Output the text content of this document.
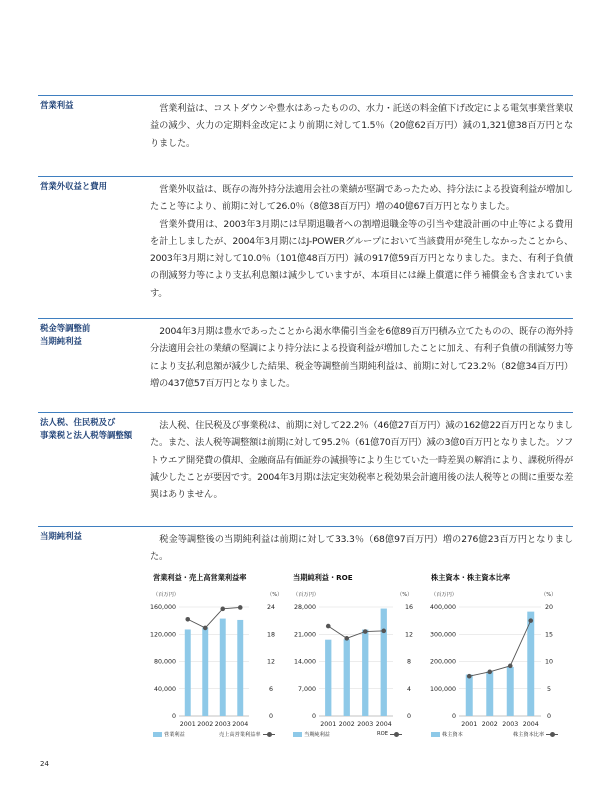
営業利益	営業利益は、コストダウンや豊水はあったものの、水力・託送の料金値下げ改定による電気事業営業収益の減少、火力の定期料金改定により前期に対して1.5％（20億62百万円）減の1,321億38百万円となりました。

営業外収益と費用	営業外収益は、既存の海外持分法適用会社の業績が堅調であったため、持分法による投資利益が増加したこと等により、前期に対して26.0％（8億38百万円）増の40億67百万円となりました。

営業外費用は、2003年3月期には早期退職者への割増退職金等の引当や建設計画の中止等による費用を計上しましたが、2004年3月期にはJ-POWERグループにおいて当該費用が発生しなかったことから、2003年3月期に対して10.0％（101億48百万円）減の917億59百万円となりました。また、有利子負債の削減努力等により支払利息額は減少していますが、本項目には繰上償還に伴う補償金も含まれています。

税金等調整前
当期純利益

2004年3月期は豊水であったことから渇水準備引当金を6億89百万円積み立てたものの、既存の海外持分法適用会社の業績の堅調により持分法による投資利益が増加したことに加え、有利子負債の削減努力等により支払利息額が減少した結果、税金等調整前当期純利益は、前期に対して23.2％（82億34百万円）増の437億57百万円となりました。

法人税、住民税及び
事業税と法人税等調整額

法人税、住民税及び事業税は、前期に対して22.2％（46億27百万円）減の162億22百万円となりました。また、法人税等調整額は前期に対して95.2％（61億70百万円）減の3億0百万円となりました。ソフトウエア開発費の償却、金融商品有価証券の減損等により生じていた一時差異の解消により、課税所得が減少したことが要因です。2004年3月期は法定実効税率と税効果会計適用後の法人税等との間に重要な差異はありません。

当期純利益	税金等調整後の当期純利益は前期に対して33.3％（68億97百万円）増の276億23百万円となりました。

営業利益・売上高営業利益率
（百万円）	（%）
160,000
120,000
80,000
40,000
0
24
18
12
6
0
2001 2002 2003 2004
営業利益	売上高営業利益率
当期純利益・ROE
（百万円）	（%）
28,000
21,000
14,000
7,000
0
16
12
8
4
0
2001 2002 2003 2004
当期純利益	ROE
株主資本・株主資本比率
（百万円）	（%）
400,000
300,000
200,000
100,000
0
20
15
10
5
0
2001 2002 2003 2004
株主資本	株主資本比率
24
